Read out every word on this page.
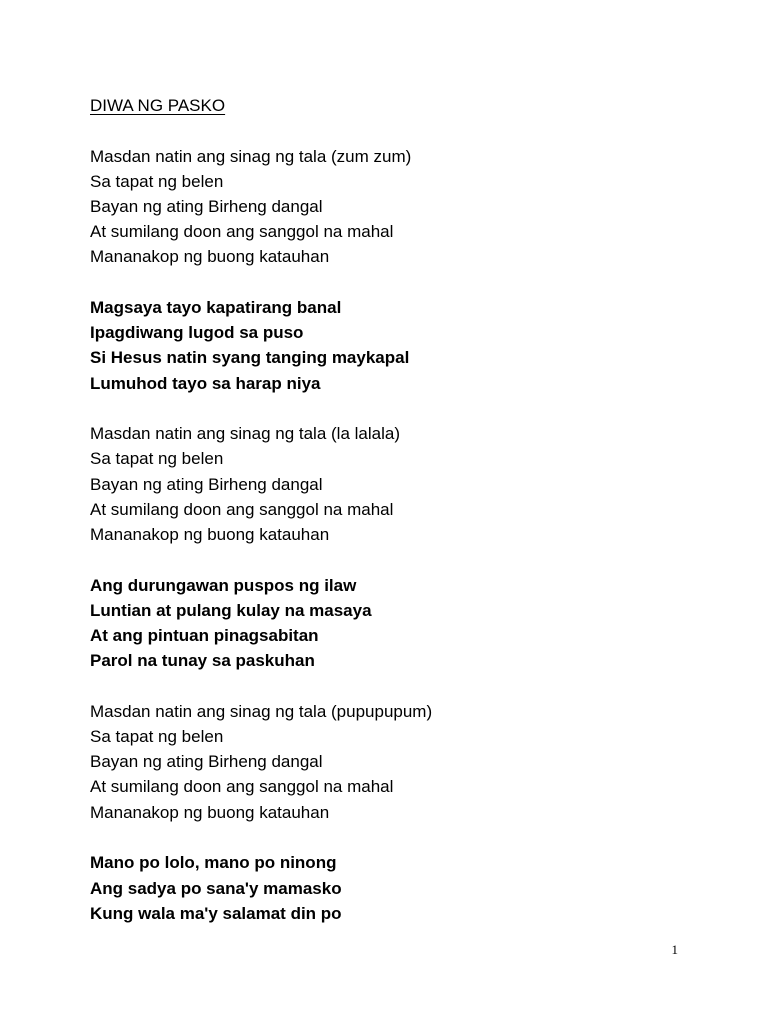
DIWA NG PASKO
Masdan natin ang sinag ng tala (zum zum)
Sa tapat ng belen
Bayan ng ating Birheng dangal
At sumilang doon ang sanggol na mahal
Mananakop ng buong katauhan
Magsaya tayo kapatirang banal
Ipagdiwang lugod sa puso
Si Hesus natin syang tanging maykapal
Lumuhod tayo sa harap niya
Masdan natin ang sinag ng tala (la lalala)
Sa tapat ng belen
Bayan ng ating Birheng dangal
At sumilang doon ang sanggol na mahal
Mananakop ng buong katauhan
Ang durungawan puspos ng ilaw
Luntian at pulang kulay na masaya
At ang pintuan pinagsabitan
Parol na tunay sa paskuhan
Masdan natin ang sinag ng tala (pupupupum)
Sa tapat ng belen
Bayan ng ating Birheng dangal
At sumilang doon ang sanggol na mahal
Mananakop ng buong katauhan
Mano po lolo, mano po ninong
Ang sadya po sana'y mamasko
Kung wala ma'y salamat din po
1
